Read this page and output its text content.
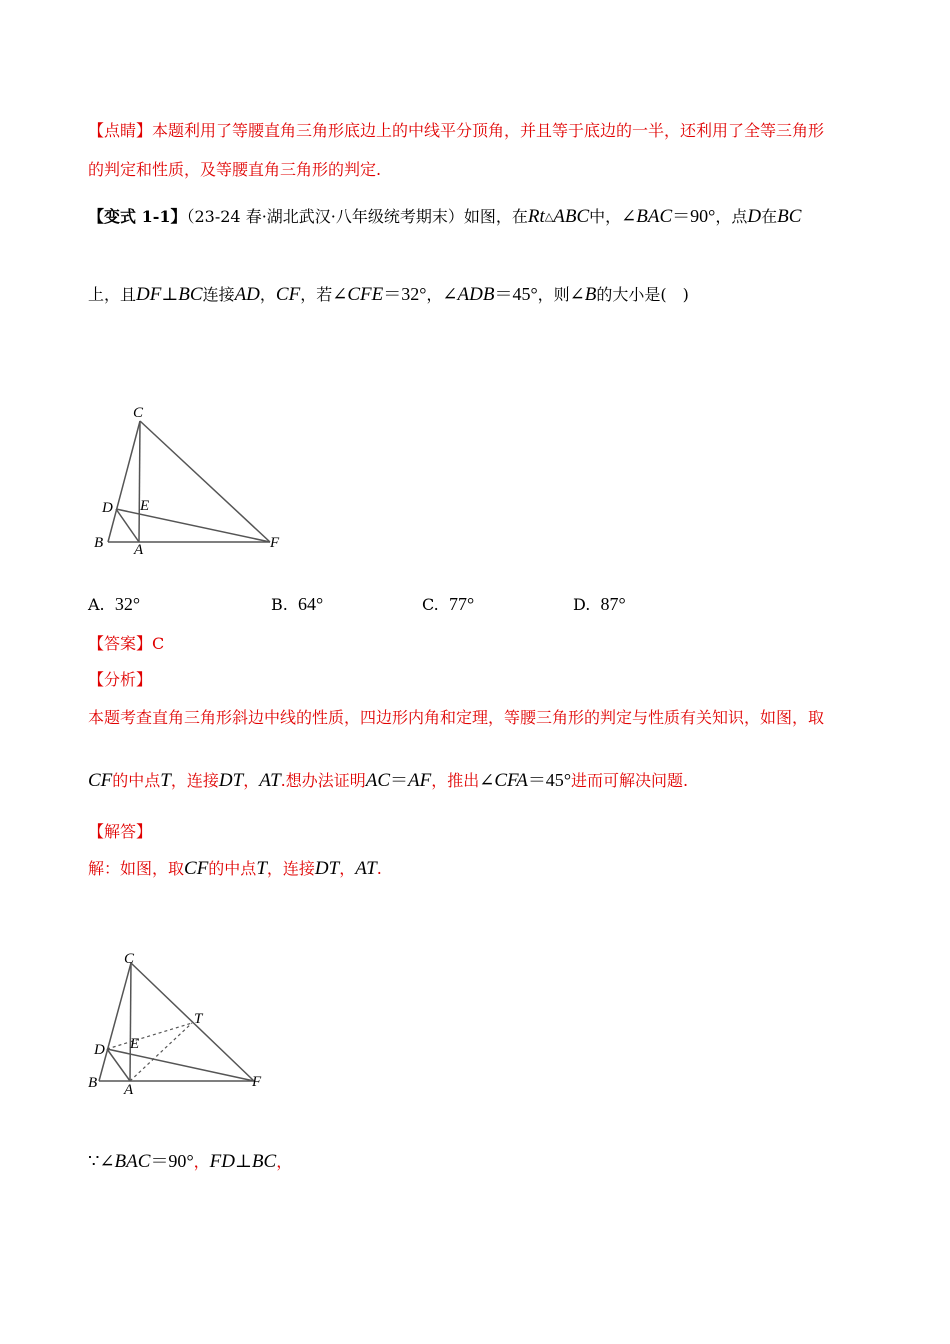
【点睛】本题利用了等腰直角三角形底边上的中线平分顶角，并且等于底边的一半，还利用了全等三角形
的判定和性质，及等腰直角三角形的判定.
【变式 1-1】（23-24 春·湖北武汉·八年级统考期末）如图，在Rt△ABC中，∠BAC＝90°，点D在BC
上，且DF⊥BC连接AD，CF，若∠CFE＝32°，∠ADB＝45°，则∠B的大小是(　)
C
D E
B A	F
A. 32°	B. 64°	C. 77°	D. 87°
【答案】C
【分析】
本题考查直角三角形斜边中线的性质，四边形内角和定理，等腰三角形的判定与性质有关知识，如图，取
CF的中点T，连接DT，AT.想办法证明AC＝AF，推出∠CFA＝45°进而可解决问题.
【解答】
解：如图，取CF的中点T，连接DT，AT.
C
T
D E
B A	F
∵∠BAC＝90°，FD⊥BC，
